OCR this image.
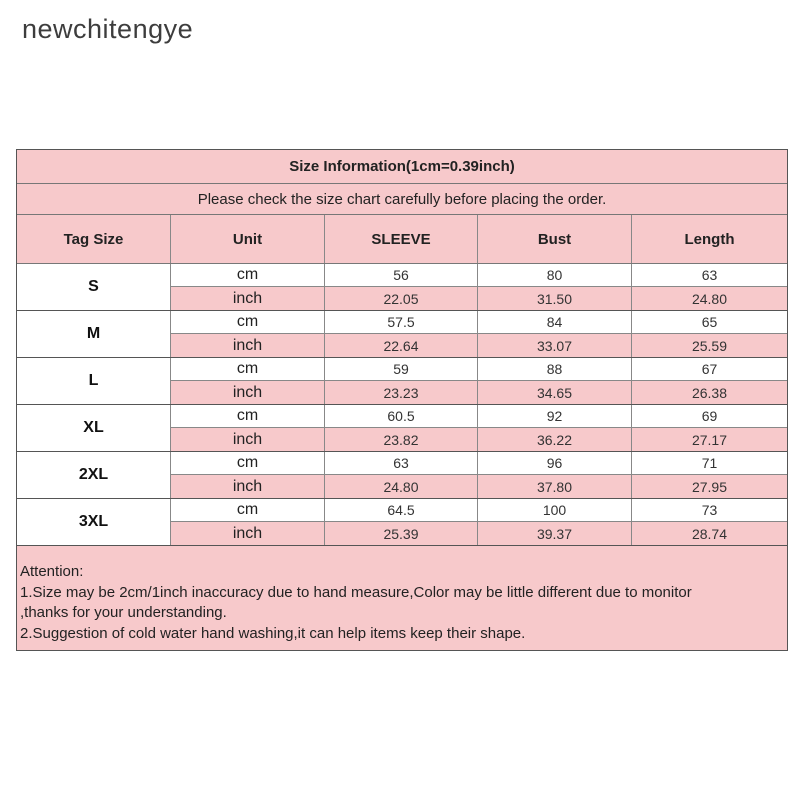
newchitengye
Size Information(1cm=0.39inch)
Please check the size chart carefully before placing the order.
Tag Size	Unit	SLEEVE	Bust	Length
S
cm	56	80	63
inch	22.05	31.50	24.80
M
cm	57.5	84	65
inch	22.64	33.07	25.59
L
cm	59	88	67
inch	23.23	34.65	26.38
XL
cm	60.5	92	69
inch	23.82	36.22	27.17
2XL
cm	63	96	71
inch	24.80	37.80	27.95
3XL
cm	64.5	100	73
inch	25.39	39.37	28.74
Attention:
1.Size may be 2cm/1inch inaccuracy due to hand measure,Color may be little different due to monitor
,thanks for your understanding.
2.Suggestion of cold water hand washing,it can help items keep their shape.
